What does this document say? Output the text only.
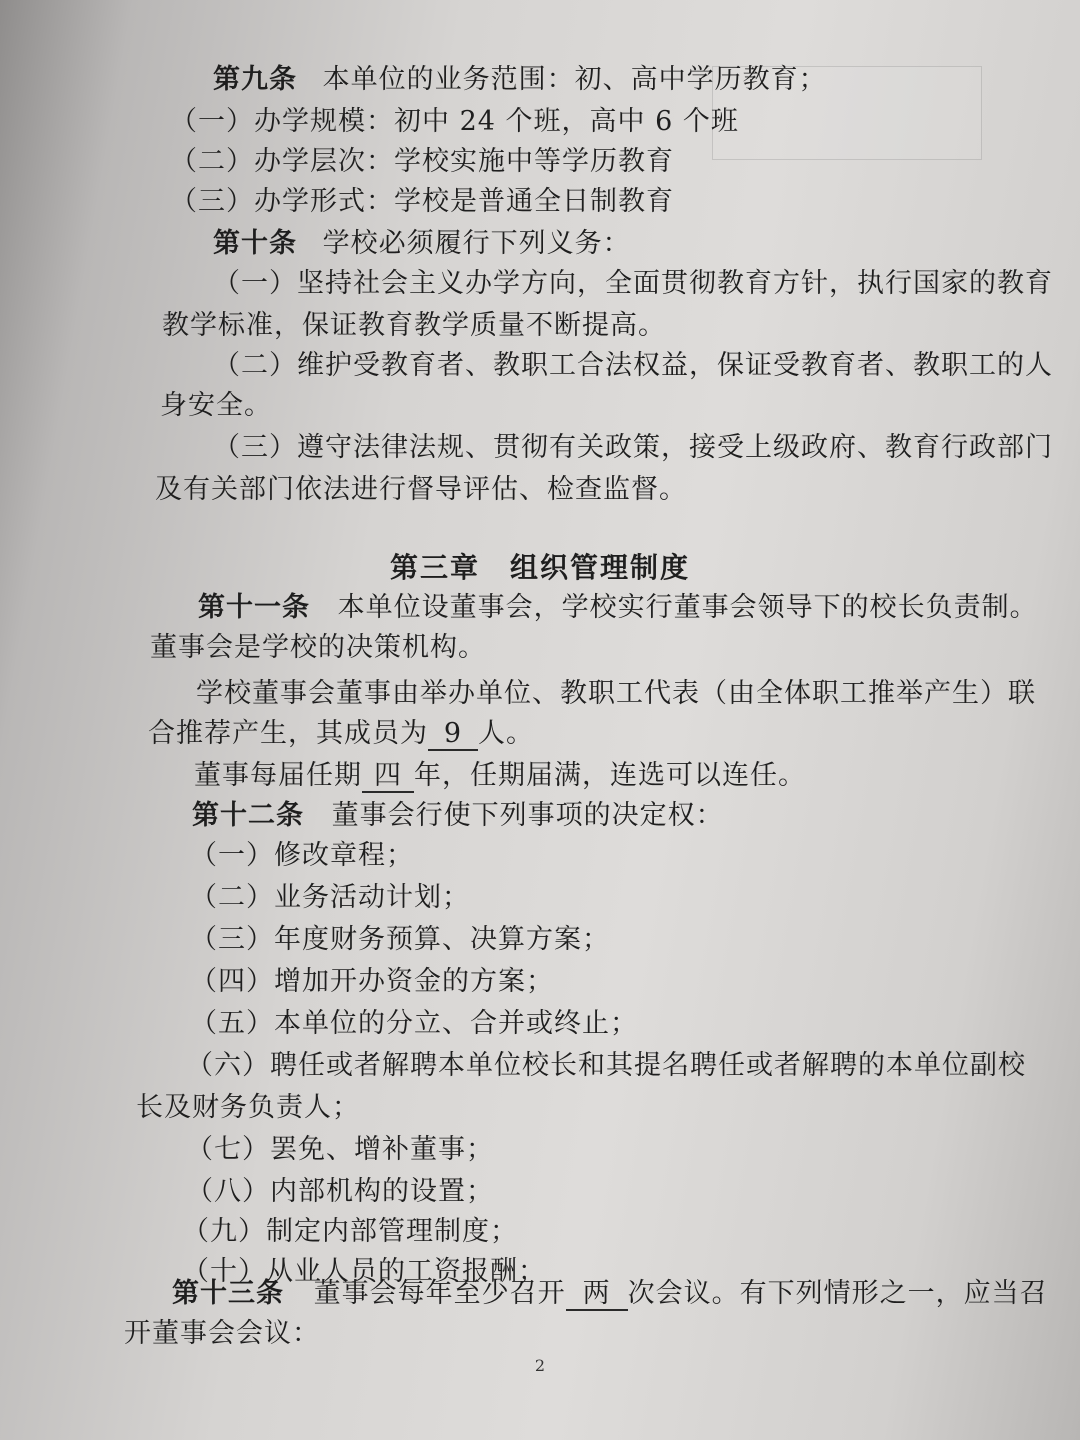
第九条 本单位的业务范围：初、高中学历教育；
（一）办学规模：初中 24 个班，高中 6 个班
（二）办学层次：学校实施中等学历教育
（三）办学形式：学校是普通全日制教育
第十条 学校必须履行下列义务：
（一）坚持社会主义办学方向，全面贯彻教育方针，执行国家的教育
教学标准，保证教育教学质量不断提高。
（二）维护受教育者、教职工合法权益，保证受教育者、教职工的人
身安全。
（三）遵守法律法规、贯彻有关政策，接受上级政府、教育行政部门
及有关部门依法进行督导评估、检查监督。
第三章　组织管理制度
第十一条 本单位设董事会，学校实行董事会领导下的校长负责制。
董事会是学校的决策机构。
学校董事会董事由举办单位、教职工代表（由全体职工推举产生）联
合推荐产生，其成员为 9 人。
董事每届任期 四 年，任期届满，连选可以连任。
第十二条 董事会行使下列事项的决定权：
（一）修改章程；
（二）业务活动计划；
（三）年度财务预算、决算方案；
（四）增加开办资金的方案；
（五）本单位的分立、合并或终止；
（六）聘任或者解聘本单位校长和其提名聘任或者解聘的本单位副校
长及财务负责人；
（七）罢免、增补董事；
（八）内部机构的设置；
（九）制定内部管理制度；
（十）从业人员的工资报酬；
第十三条 董事会每年至少召开 两 次会议。有下列情形之一，应当召
开董事会会议：
2
